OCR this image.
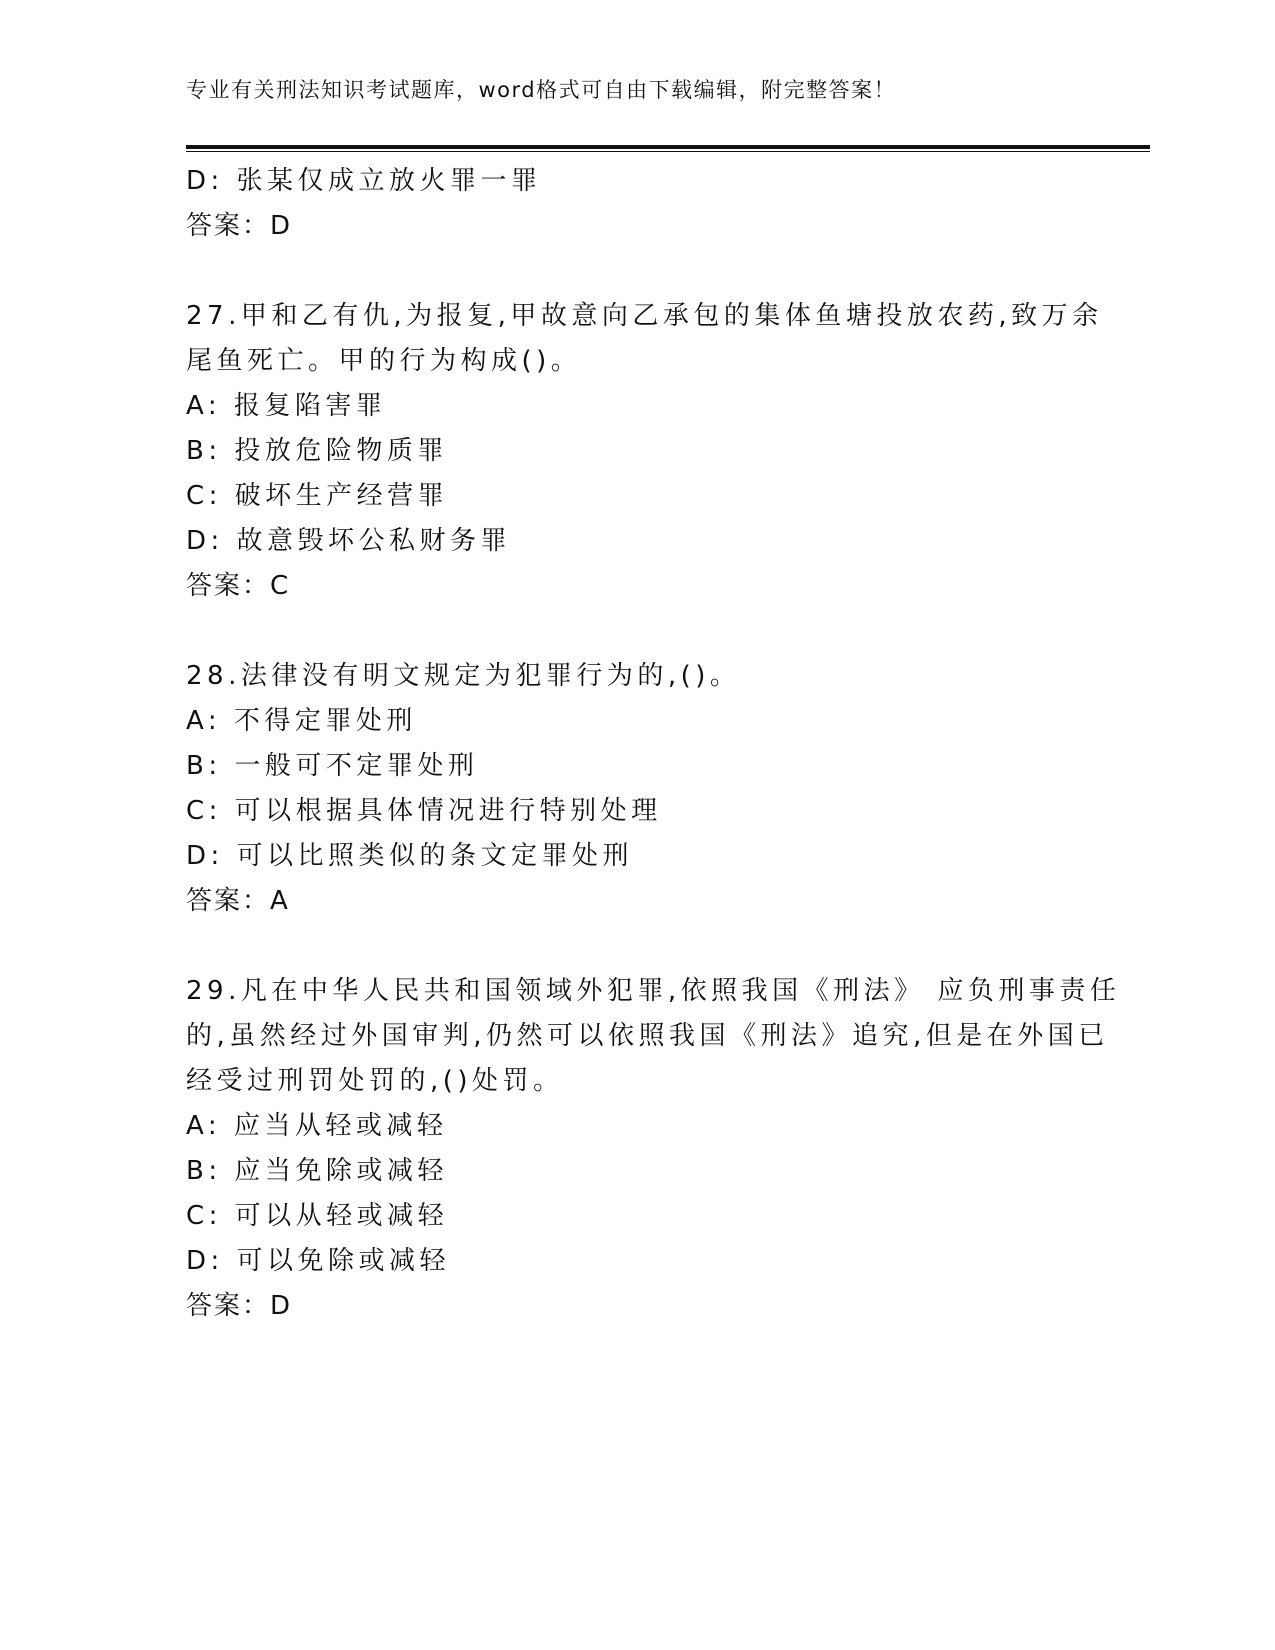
专业有关刑法知识考试题库，word格式可自由下载编辑，附完整答案！
D: 张某仅成立放火罪一罪
答案：D
27.甲和乙有仇,为报复,甲故意向乙承包的集体鱼塘投放农药,致万余
尾鱼死亡。甲的行为构成()。
A: 报复陷害罪
B: 投放危险物质罪
C: 破坏生产经营罪
D: 故意毁坏公私财务罪
答案：C
28.法律没有明文规定为犯罪行为的,()。
A: 不得定罪处刑
B: 一般可不定罪处刑
C: 可以根据具体情况进行特别处理
D: 可以比照类似的条文定罪处刑
答案：A
29.凡在中华人民共和国领域外犯罪,依照我国《刑法》 应负刑事责任
的,虽然经过外国审判,仍然可以依照我国《刑法》追究,但是在外国已
经受过刑罚处罚的,()处罚。
A: 应当从轻或减轻
B: 应当免除或减轻
C: 可以从轻或减轻
D: 可以免除或减轻
答案：D
